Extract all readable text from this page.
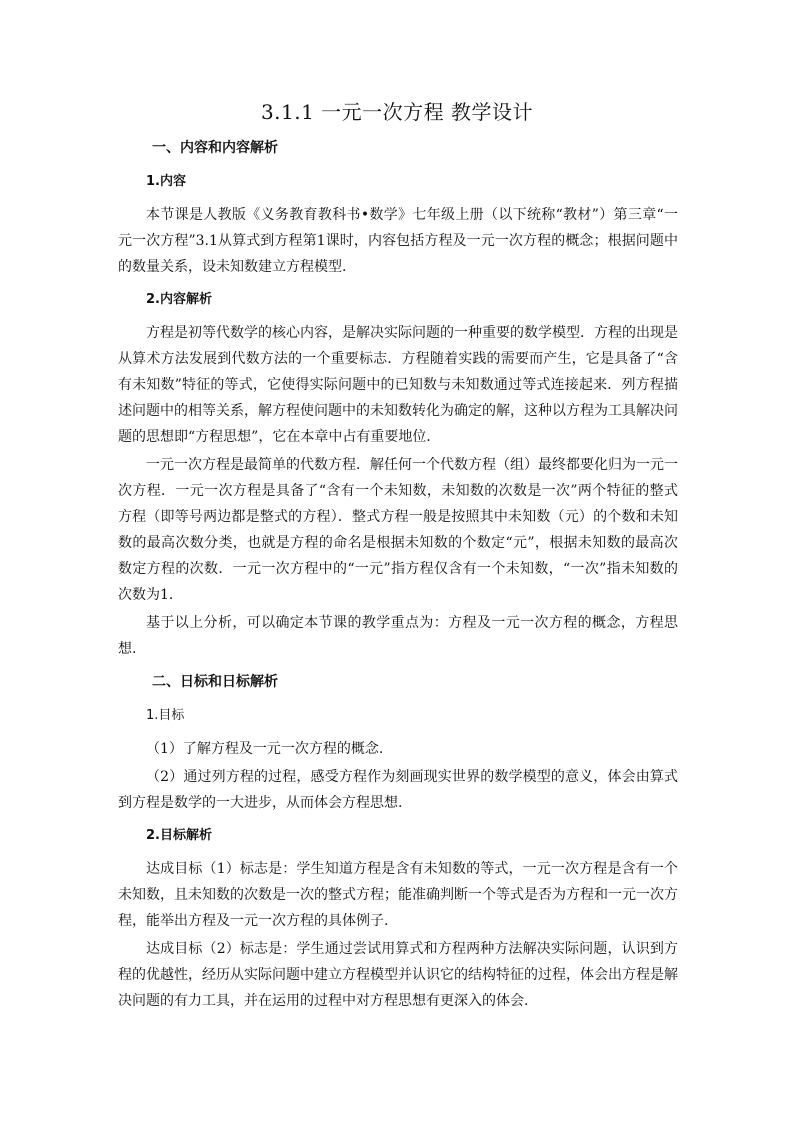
3.1.1 一元一次方程 教学设计
一、内容和内容解析
1.内容

本节课是人教版《义务教育教科书•数学》七年级上册（以下统称“教材”）第三章“一元一次方程”3.1从算式到方程第1课时，内容包括方程及一元一次方程的概念；根据问题中的数量关系，设未知数建立方程模型.

2.内容解析

方程是初等代数学的核心内容，是解决实际问题的一种重要的数学模型．方程的出现是从算术方法发展到代数方法的一个重要标志．方程随着实践的需要而产生，它是具备了“含有未知数”特征的等式，它使得实际问题中的已知数与未知数通过等式连接起来．列方程描述问题中的相等关系，解方程使问题中的未知数转化为确定的解，这种以方程为工具解决问题的思想即“方程思想”，它在本章中占有重要地位．

一元一次方程是最简单的代数方程．解任何一个代数方程（组）最终都要化归为一元一次方程．一元一次方程是具备了“含有一个未知数，未知数的次数是一次”两个特征的整式方程（即等号两边都是整式的方程）．整式方程一般是按照其中未知数（元）的个数和未知数的最高次数分类，也就是方程的命名是根据未知数的个数定“元”，根据未知数的最高次数定方程的次数．一元一次方程中的“一元”指方程仅含有一个未知数，“一次”指未知数的次数为1．

基于以上分析，可以确定本节课的教学重点为：方程及一元一次方程的概念，方程思想.

二、日标和日标解析
1.目标

（1）了解方程及一元一次方程的概念.

（2）通过列方程的过程，感受方程作为刻画现实世界的数学模型的意义，体会由算式到方程是数学的一大进步，从而体会方程思想.

2.目标解析

达成目标（1）标志是：学生知道方程是含有未知数的等式，一元一次方程是含有一个未知数，且未知数的次数是一次的整式方程；能准确判断一个等式是否为方程和一元一次方程，能举出方程及一元一次方程的具体例子.

达成目标（2）标志是：学生通过尝试用算式和方程两种方法解决实际问题，认识到方程的优越性，经历从实际问题中建立方程模型并认识它的结构特征的过程，体会出方程是解决问题的有力工具，并在运用的过程中对方程思想有更深入的体会.
